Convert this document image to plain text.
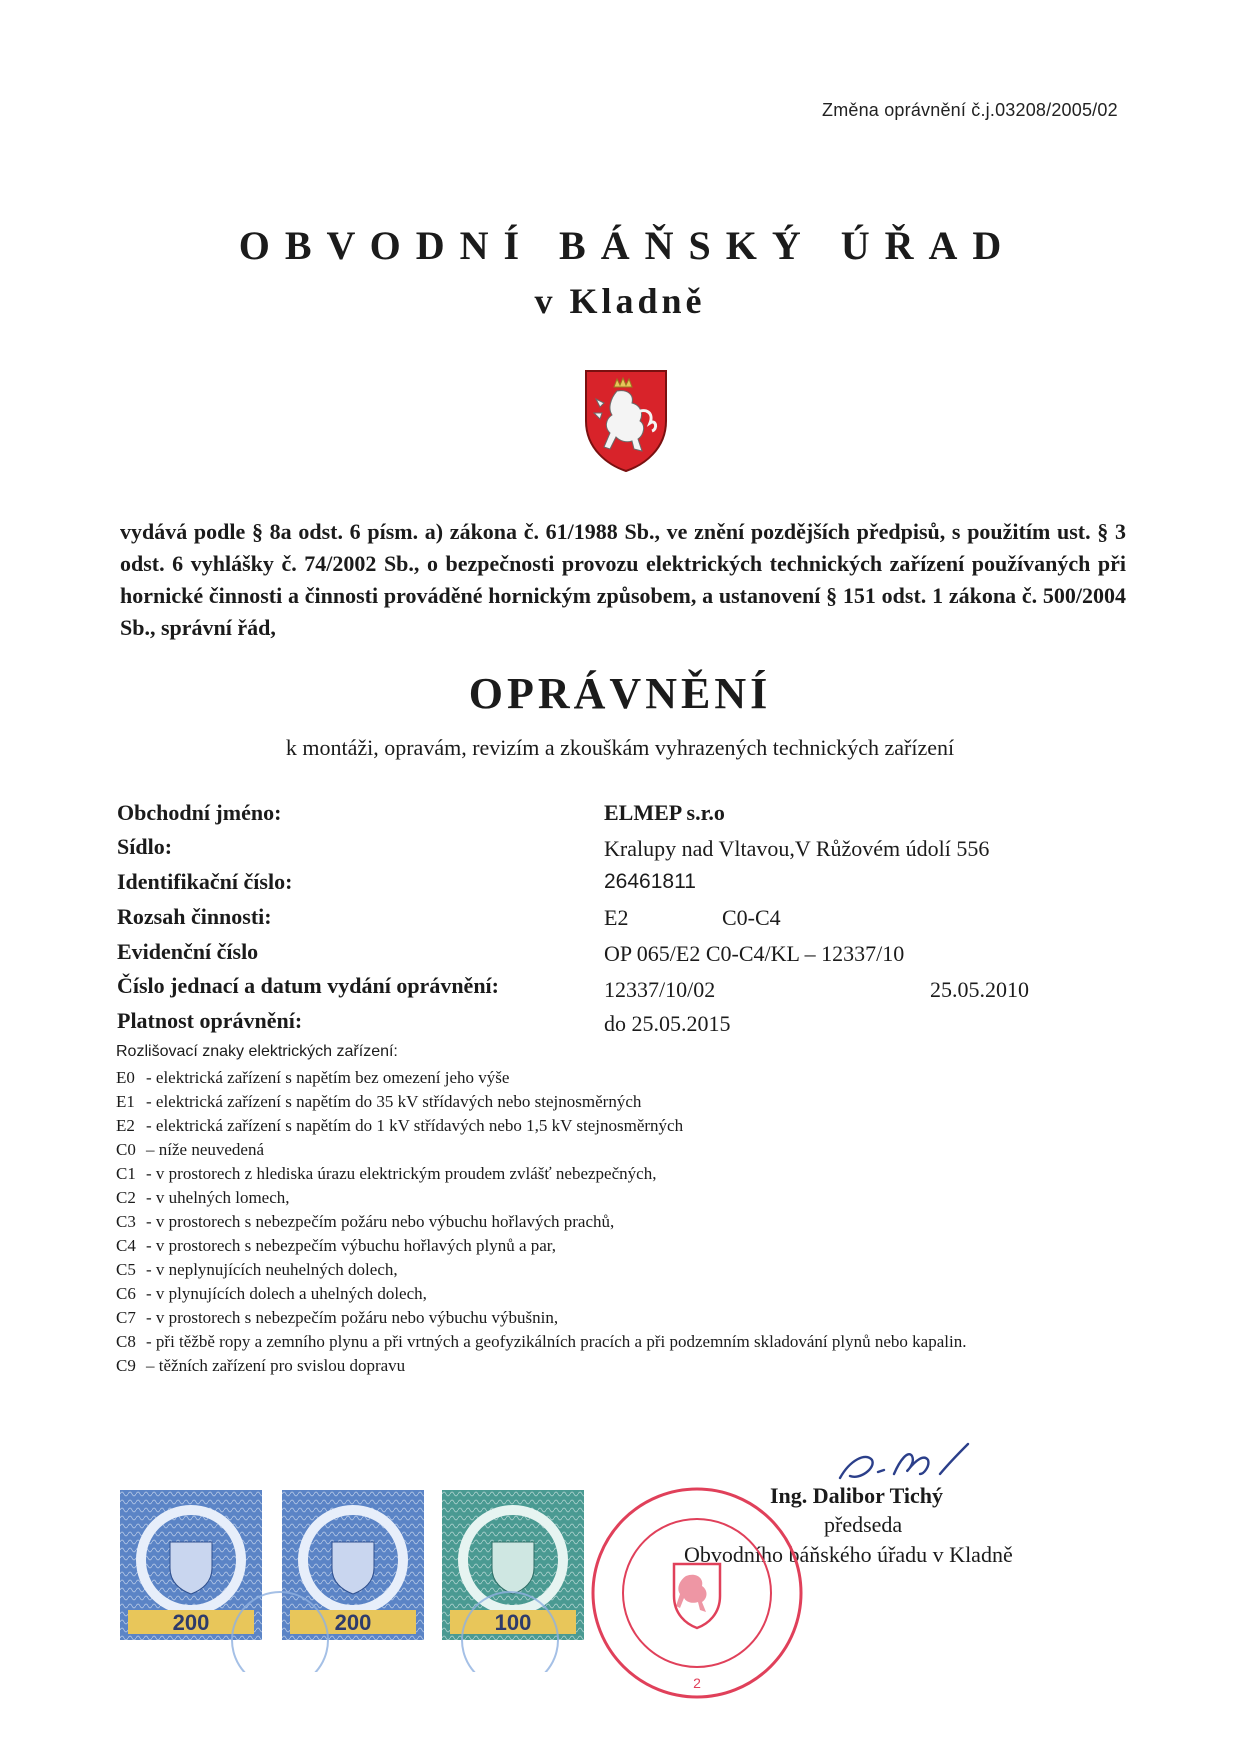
Změna oprávnění č.j.03208/2005/02
OBVODNÍ BÁŇSKÝ ÚŘAD
v Kladně
vydává podle § 8a odst. 6 písm. a) zákona č. 61/1988 Sb., ve znění pozdějších předpisů, s použitím ust. § 3 odst. 6 vyhlášky č. 74/2002 Sb., o bezpečnosti provozu elektrických technických zařízení používaných při hornické činnosti a činnosti prováděné hornickým způsobem, a ustanovení § 151 odst. 1 zákona č. 500/2004 Sb., správní řád,
OPRÁVNĚNÍ
k montáži, opravám, revizím a zkouškám vyhrazených technických zařízení
Obchodní jméno:	ELMEP s.r.o
Sídlo:	Kralupy nad Vltavou,V Růžovém údolí 556
Identifikační číslo:	26461811
Rozsah činnosti:	E2	C0-C4
Evidenční číslo	OP 065/E2 C0-C4/KL – 12337/10
Číslo jednací a datum vydání oprávnění:	12337/10/02	25.05.2010
Platnost oprávnění:	do 25.05.2015
Rozlišovací znaky elektrických zařízení:
E0 - elektrická zařízení s napětím bez omezení jeho výše
E1 - elektrická zařízení s napětím do 35 kV střídavých nebo stejnosměrných
E2 - elektrická zařízení s napětím do 1 kV střídavých nebo 1,5 kV stejnosměrných
C0 – níže neuvedená
C1 - v prostorech z hlediska úrazu elektrickým proudem zvlášť nebezpečných,
C2 - v uhelných lomech,
C3 - v prostorech s nebezpečím požáru nebo výbuchu hořlavých prachů,
C4 - v prostorech s nebezpečím výbuchu hořlavých plynů a par,
C5 - v neplynujících neuhelných dolech,
C6 - v plynujících dolech a uhelných dolech,
C7 - v prostorech s nebezpečím požáru nebo výbuchu výbušnin,
C8 - při těžbě ropy a zemního plynu a při vrtných a geofyzikálních pracích a při podzemním skladování plynů nebo kapalin.
C9 – těžních zařízení pro svislou dopravu
Ing. Dalibor Tichý
předseda
Obvodního báňského úřadu v Kladně
200	200	100
2
